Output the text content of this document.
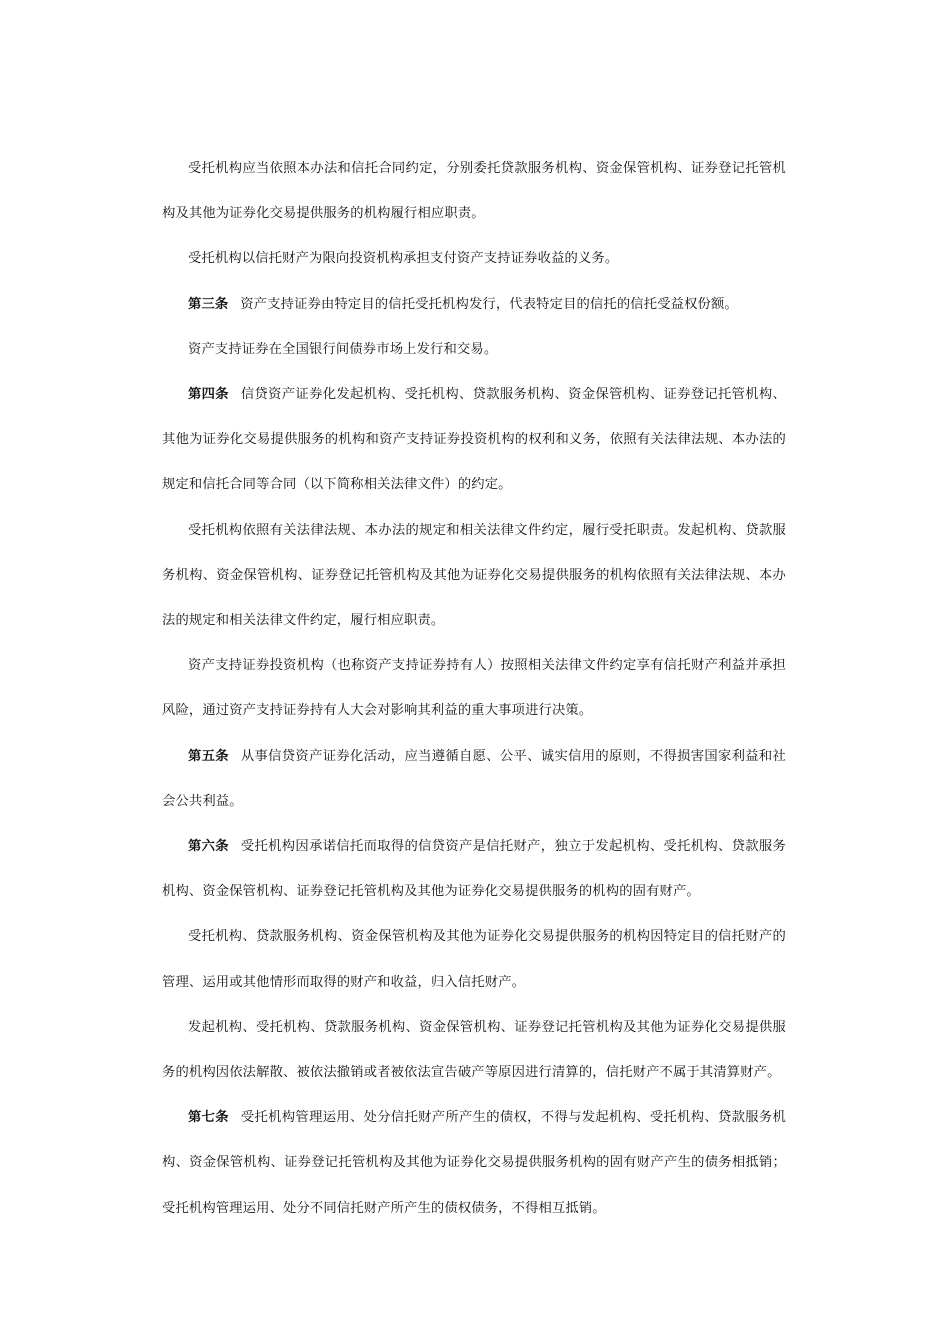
受托机构应当依照本办法和信托合同约定，分别委托贷款服务机构、资金保管机构、证券登记托管机构及其他为证券化交易提供服务的机构履行相应职责。

受托机构以信托财产为限向投资机构承担支付资产支持证券收益的义务。

第三条 资产支持证券由特定目的信托受托机构发行，代表特定目的信托的信托受益权份额。

资产支持证券在全国银行间债券市场上发行和交易。

第四条 信贷资产证券化发起机构、受托机构、贷款服务机构、资金保管机构、证券登记托管机构、其他为证券化交易提供服务的机构和资产支持证券投资机构的权利和义务，依照有关法律法规、本办法的规定和信托合同等合同（以下简称相关法律文件）的约定。

受托机构依照有关法律法规、本办法的规定和相关法律文件约定，履行受托职责。发起机构、贷款服务机构、资金保管机构、证券登记托管机构及其他为证券化交易提供服务的机构依照有关法律法规、本办法的规定和相关法律文件约定，履行相应职责。

资产支持证券投资机构（也称资产支持证券持有人）按照相关法律文件约定享有信托财产利益并承担风险，通过资产支持证券持有人大会对影响其利益的重大事项进行决策。

第五条 从事信贷资产证券化活动，应当遵循自愿、公平、诚实信用的原则，不得损害国家利益和社会公共利益。

第六条 受托机构因承诺信托而取得的信贷资产是信托财产，独立于发起机构、受托机构、贷款服务机构、资金保管机构、证券登记托管机构及其他为证券化交易提供服务的机构的固有财产。

受托机构、贷款服务机构、资金保管机构及其他为证券化交易提供服务的机构因特定目的信托财产的管理、运用或其他情形而取得的财产和收益，归入信托财产。

发起机构、受托机构、贷款服务机构、资金保管机构、证券登记托管机构及其他为证券化交易提供服务的机构因依法解散、被依法撤销或者被依法宣告破产等原因进行清算的，信托财产不属于其清算财产。

第七条 受托机构管理运用、处分信托财产所产生的债权，不得与发起机构、受托机构、贷款服务机构、资金保管机构、证券登记托管机构及其他为证券化交易提供服务机构的固有财产产生的债务相抵销；受托机构管理运用、处分不同信托财产所产生的债权债务，不得相互抵销。
